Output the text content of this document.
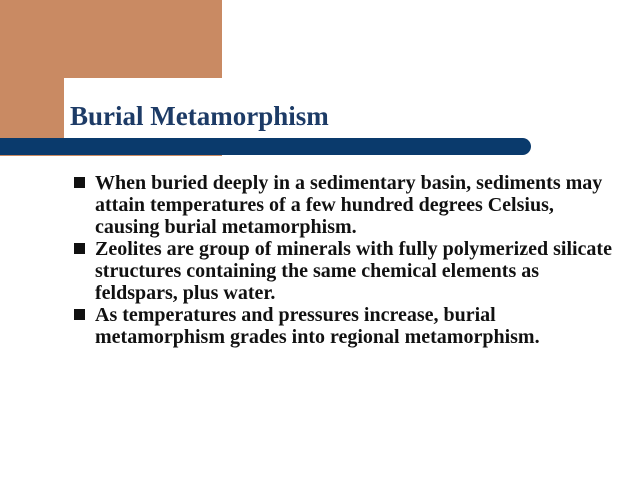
Burial Metamorphism
When buried deeply in a sedimentary basin, sediments may attain temperatures of a few hundred degrees Celsius, causing burial metamorphism.
Zeolites are group of minerals with fully polymerized silicate structures containing the same chemical elements as feldspars, plus water.
As temperatures and pressures increase, burial metamorphism grades into regional metamorphism.
